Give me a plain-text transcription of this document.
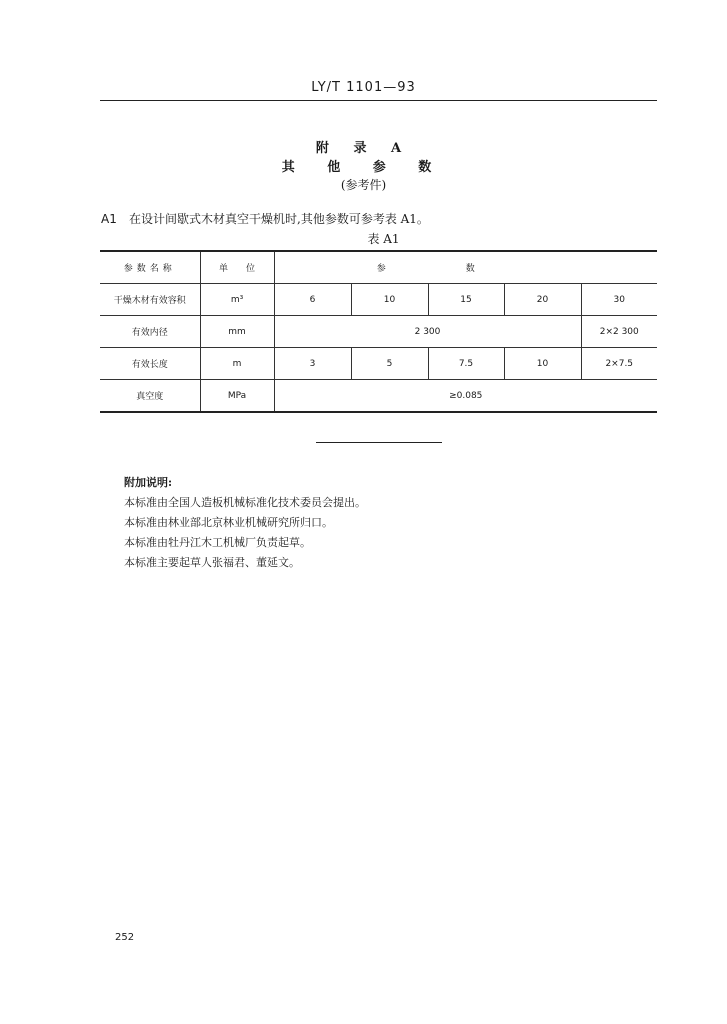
LY/T 1101—93
附 录 A
其 他 参 数
(参考件)
A1 在设计间歇式木材真空干燥机时,其他参数可参考表 A1。
表 A1
参数名称	单　　位	参数				
干燥木材有效容积	m³	6	10	15	20	30
有效内径	mm	2 300				2×2 300
有效长度	m	3	5	7.5	10	2×7.5
真空度	MPa	≥0.085				
附加说明:
本标准由全国人造板机械标准化技术委员会提出。
本标准由林业部北京林业机械研究所归口。
本标准由牡丹江木工机械厂负责起草。
本标准主要起草人张福君、董延文。
252
